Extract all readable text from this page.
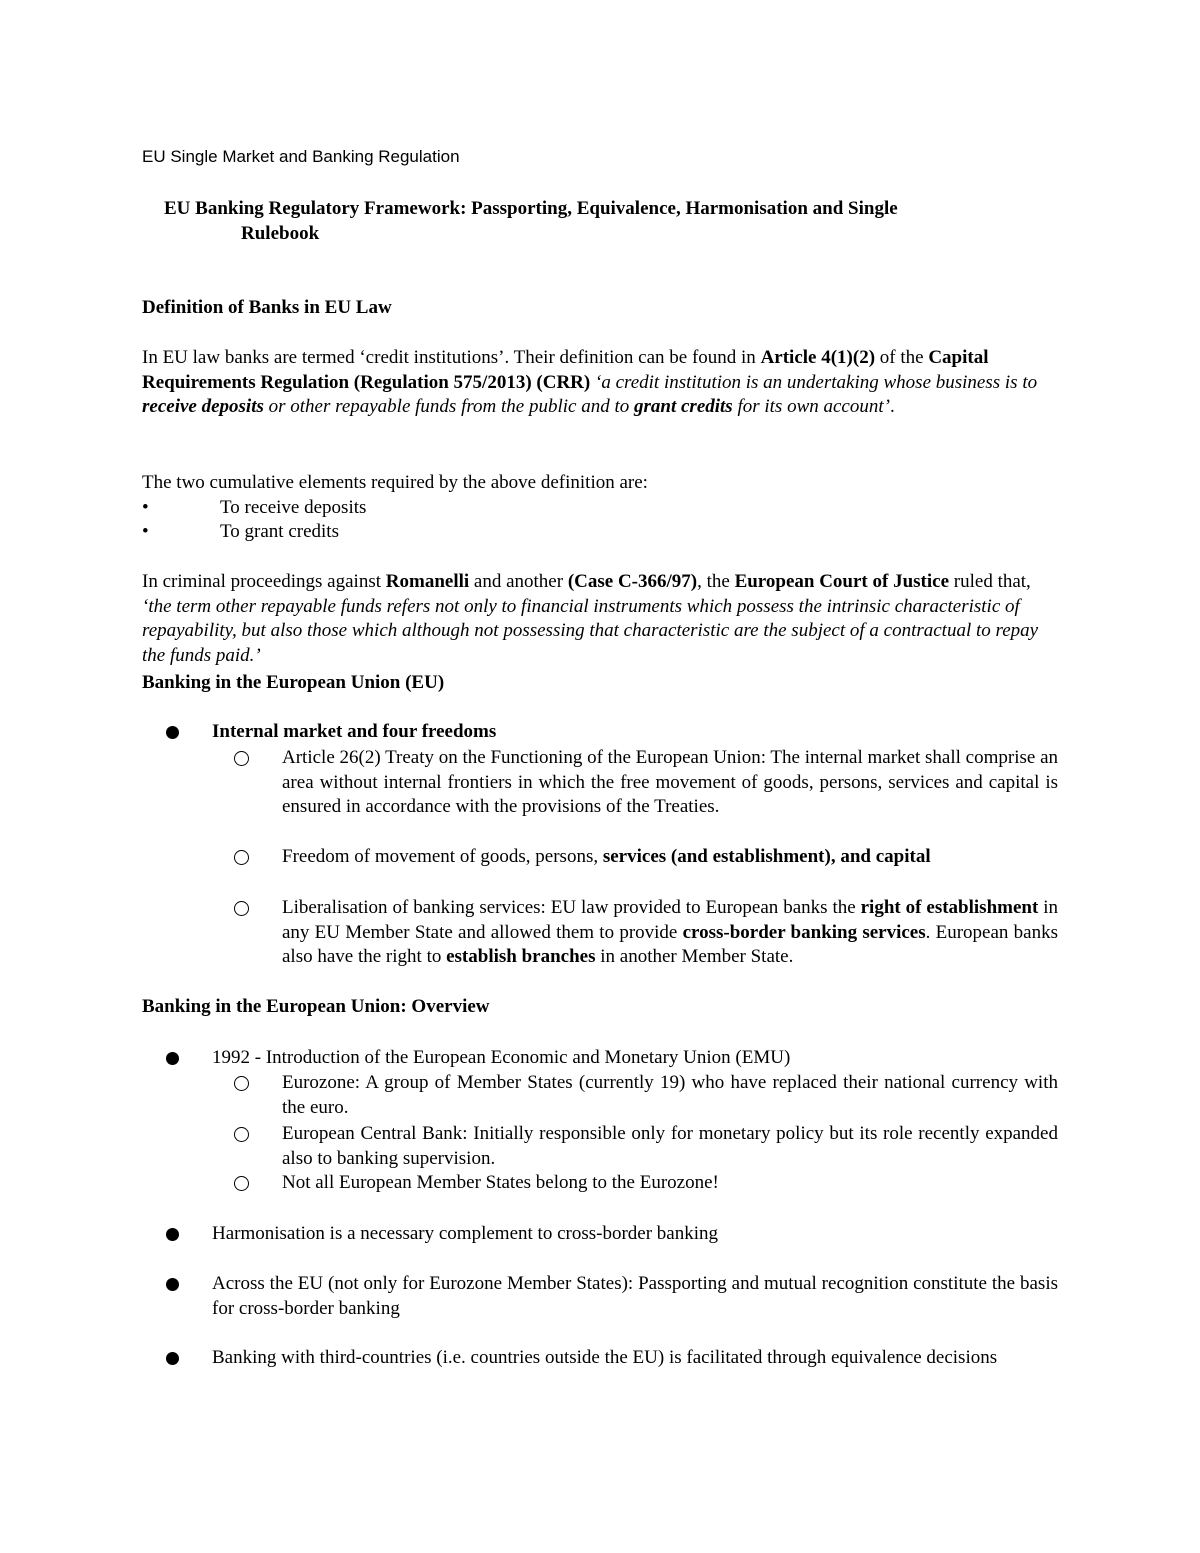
EU Single Market and Banking Regulation
EU Banking Regulatory Framework: Passporting, Equivalence, Harmonisation and Single
Rulebook
Definition of Banks in EU Law
In EU law banks are termed ‘credit institutions’. Their definition can be found in Article 4(1)(2) of the Capital Requirements Regulation (Regulation 575/2013) (CRR) ‘a credit institution is an undertaking whose business is to receive deposits or other repayable funds from the public and to grant credits for its own account’.
The two cumulative elements required by the above definition are:
•	To receive deposits
•	To grant credits
In criminal proceedings against Romanelli and another (Case C-366/97), the European Court of Justice ruled that, ‘the term other repayable funds refers not only to financial instruments which possess the intrinsic characteristic of repayability, but also those which although not possessing that characteristic are the subject of a contractual to repay the funds paid.’
Banking in the European Union (EU)
Internal market and four freedoms
Article 26(2) Treaty on the Functioning of the European Union: The internal market shall comprise an area without internal frontiers in which the free movement of goods, persons, services and capital is ensured in accordance with the provisions of the Treaties.
Freedom of movement of goods, persons, services (and establishment), and capital
Liberalisation of banking services: EU law provided to European banks the right of establishment in any EU Member State and allowed them to provide cross-border banking services. European banks also have the right to establish branches in another Member State.
Banking in the European Union: Overview
1992 - Introduction of the European Economic and Monetary Union (EMU)
Eurozone: A group of Member States (currently 19) who have replaced their national currency with the euro.
European Central Bank: Initially responsible only for monetary policy but its role recently expanded also to banking supervision.
Not all European Member States belong to the Eurozone!
Harmonisation is a necessary complement to cross-border banking
Across the EU (not only for Eurozone Member States): Passporting and mutual recognition constitute the basis for cross-border banking
Banking with third-countries (i.e. countries outside the EU) is facilitated through equivalence decisions
